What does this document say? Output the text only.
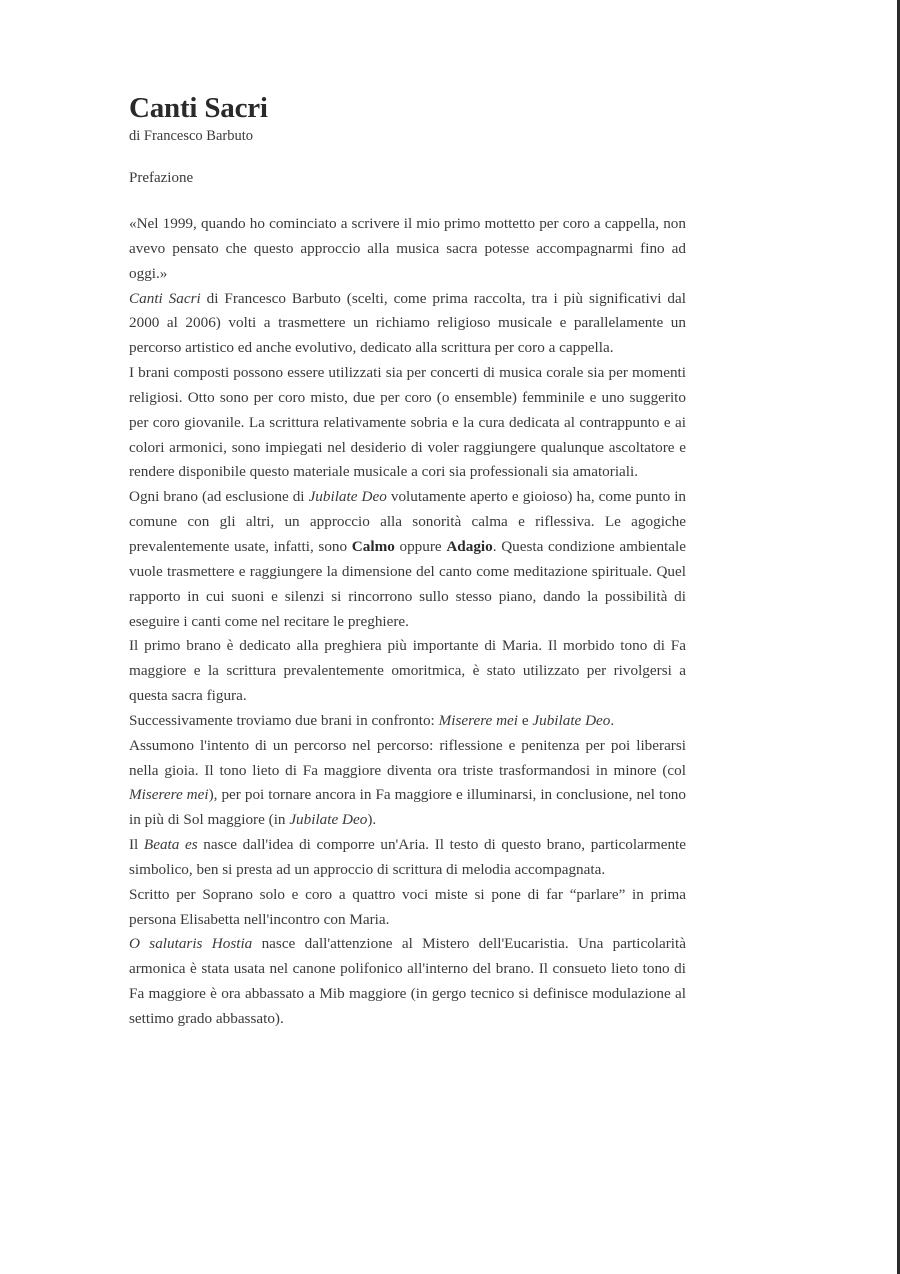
Canti Sacri
di Francesco Barbuto
Prefazione

«Nel 1999, quando ho cominciato a scrivere il mio primo mottetto per coro a cappella, non avevo pensato che questo approccio alla musica sacra potesse accompagnarmi fino ad oggi.»

Canti Sacri di Francesco Barbuto (scelti, come prima raccolta, tra i più significativi dal 2000 al 2006) volti a trasmettere un richiamo religioso musicale e parallelamente un percorso artistico ed anche evolutivo, dedicato alla scrittura per coro a cappella.

I brani composti possono essere utilizzati sia per concerti di musica corale sia per momenti religiosi. Otto sono per coro misto, due per coro (o ensemble) femminile e uno suggerito per coro giovanile. La scrittura relativamente sobria e la cura dedicata al contrappunto e ai colori armonici, sono impiegati nel desiderio di voler raggiungere qualunque ascoltatore e rendere disponibile questo materiale musicale a cori sia professionali sia amatoriali.

Ogni brano (ad esclusione di Jubilate Deo volutamente aperto e gioioso) ha, come punto in comune con gli altri, un approccio alla sonorità calma e riflessiva. Le agogiche prevalentemente usate, infatti, sono Calmo oppure Adagio. Questa condizione ambientale vuole trasmettere e raggiungere la dimensione del canto come meditazione spirituale. Quel rapporto in cui suoni e silenzi si rincorrono sullo stesso piano, dando la possibilità di eseguire i canti come nel recitare le preghiere.

Il primo brano è dedicato alla preghiera più importante di Maria. Il morbido tono di Fa maggiore e la scrittura prevalentemente omoritmica, è stato utilizzato per rivolgersi a questa sacra figura.

Successivamente troviamo due brani in confronto: Miserere mei e Jubilate Deo.

Assumono l'intento di un percorso nel percorso: riflessione e penitenza per poi liberarsi nella gioia. Il tono lieto di Fa maggiore diventa ora triste trasformandosi in minore (col Miserere mei), per poi tornare ancora in Fa maggiore e illuminarsi, in conclusione, nel tono in più di Sol maggiore (in Jubilate Deo).

Il Beata es nasce dall'idea di comporre un'Aria. Il testo di questo brano, particolarmente simbolico, ben si presta ad un approccio di scrittura di melodia accompagnata.

Scritto per Soprano solo e coro a quattro voci miste si pone di far “parlare” in prima persona Elisabetta nell'incontro con Maria.

O salutaris Hostia nasce dall'attenzione al Mistero dell'Eucaristia. Una particolarità armonica è stata usata nel canone polifonico all'interno del brano. Il consueto lieto tono di Fa maggiore è ora abbassato a Mib maggiore (in gergo tecnico si definisce modulazione al settimo grado abbassato).
